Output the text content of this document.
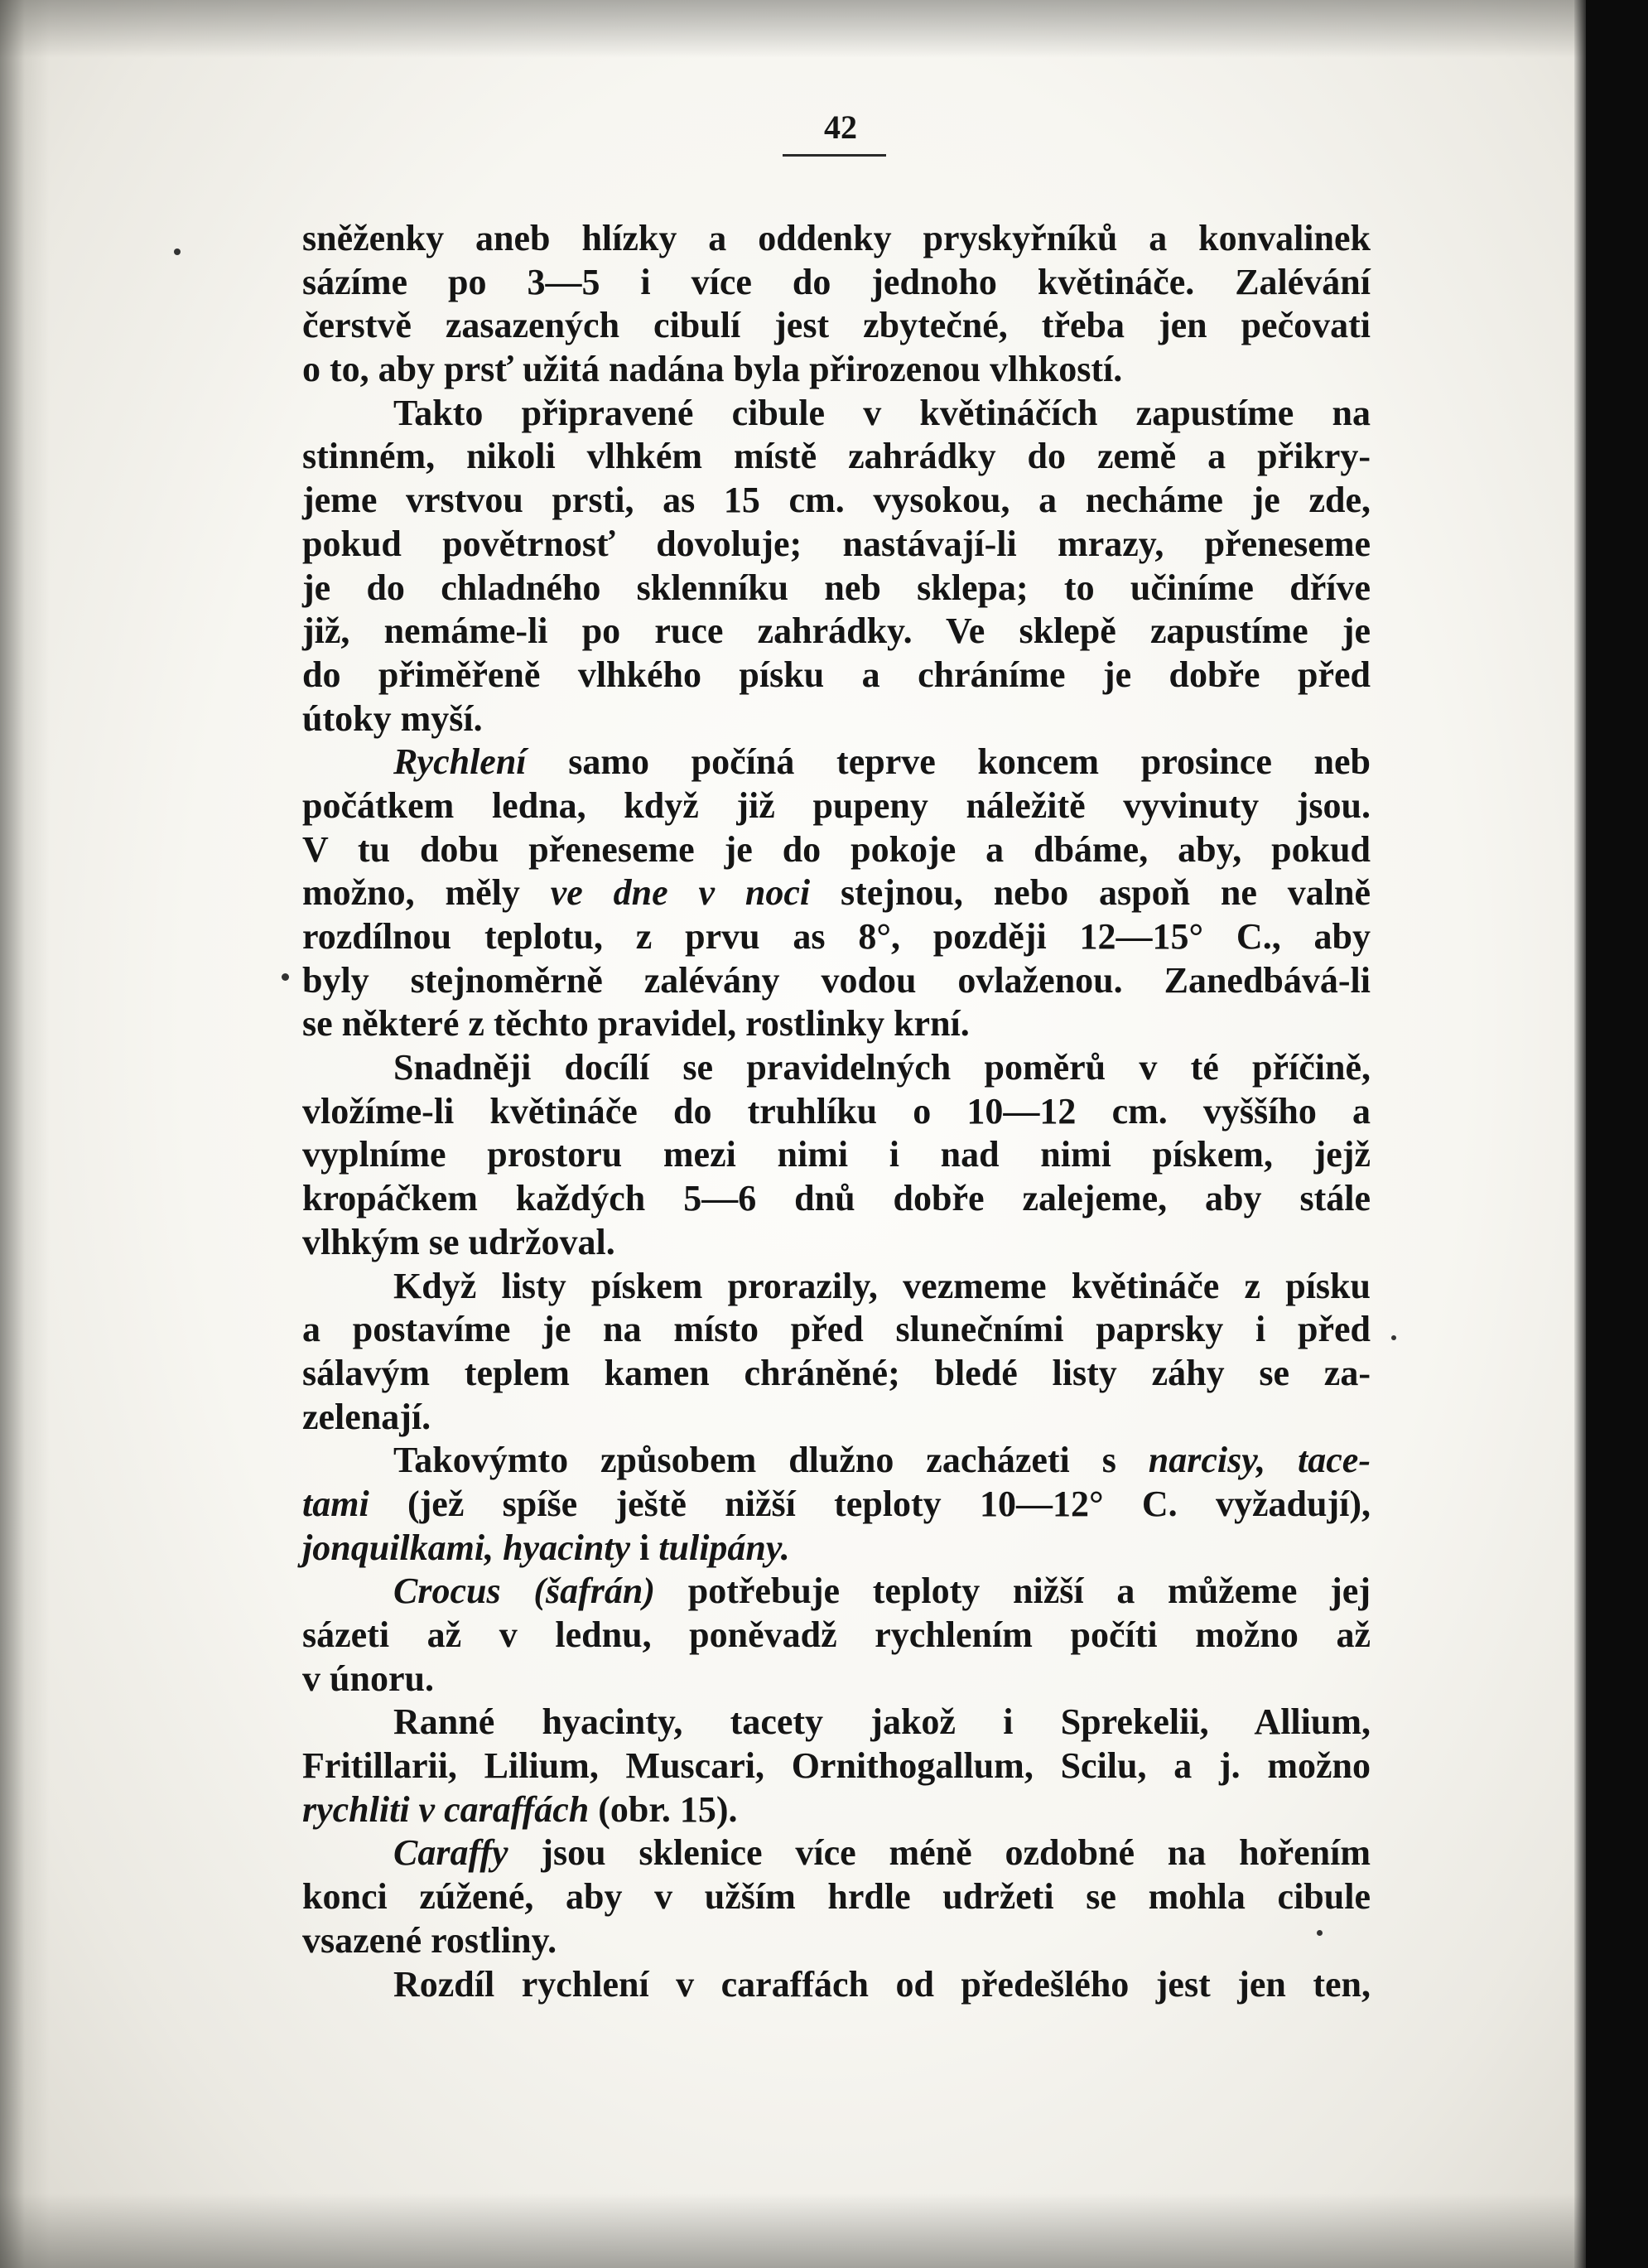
42
sněženky aneb hlízky a oddenky pryskyřníků a konvalinek
sázíme po 3—5 i více do jednoho květináče. Zalévání
čerstvě zasazených cibulí jest zbytečné, třeba jen pečovati
o to, aby prsť užitá nadána byla přirozenou vlhkostí.
Takto připravené cibule v květináčích zapustíme na
stinném, nikoli vlhkém místě zahrádky do země a přikry-
jeme vrstvou prsti, as 15 cm. vysokou, a necháme je zde,
pokud povětrnosť dovoluje; nastávají-li mrazy, přeneseme
je do chladného sklenníku neb sklepa; to učiníme dříve
již, nemáme-li po ruce zahrádky. Ve sklepě zapustíme je
do přiměřeně vlhkého písku a chráníme je dobře před
útoky myší.
Rychlení samo počíná teprve koncem prosince neb
počátkem ledna, když již pupeny náležitě vyvinuty jsou.
V tu dobu přeneseme je do pokoje a dbáme, aby, pokud
možno, měly ve dne v noci stejnou, nebo aspoň ne valně
rozdílnou teplotu, z prvu as 8°, později 12—15° C., aby
byly stejnoměrně zalévány vodou ovlaženou. Zanedbává-li
se některé z těchto pravidel, rostlinky krní.
Snadněji docílí se pravidelných poměrů v té příčině,
vložíme-li květináče do truhlíku o 10—12 cm. vyššího a
vyplníme prostoru mezi nimi i nad nimi pískem, jejž
kropáčkem každých 5—6 dnů dobře zalejeme, aby stále
vlhkým se udržoval.
Když listy pískem prorazily, vezmeme květináče z písku
a postavíme je na místo před slunečními paprsky i před
sálavým teplem kamen chráněné; bledé listy záhy se za-
zelenají.
Takovýmto způsobem dlužno zacházeti s narcisy, tace-
tami (jež spíše ještě nižší teploty 10—12° C. vyžadují),
jonquilkami, hyacinty i tulipány.
Crocus (šafrán) potřebuje teploty nižší a můžeme jej
sázeti až v lednu, poněvadž rychlením počíti možno až
v únoru.
Ranné hyacinty, tacety jakož i Sprekelii, Allium,
Fritillarii, Lilium, Muscari, Ornithogallum, Scilu, a j. možno
rychliti v caraffách (obr. 15).
Caraffy jsou sklenice více méně ozdobné na hořením
konci zúžené, aby v užším hrdle udržeti se mohla cibule
vsazené rostliny.
Rozdíl rychlení v caraffách od předešlého jest jen ten,
